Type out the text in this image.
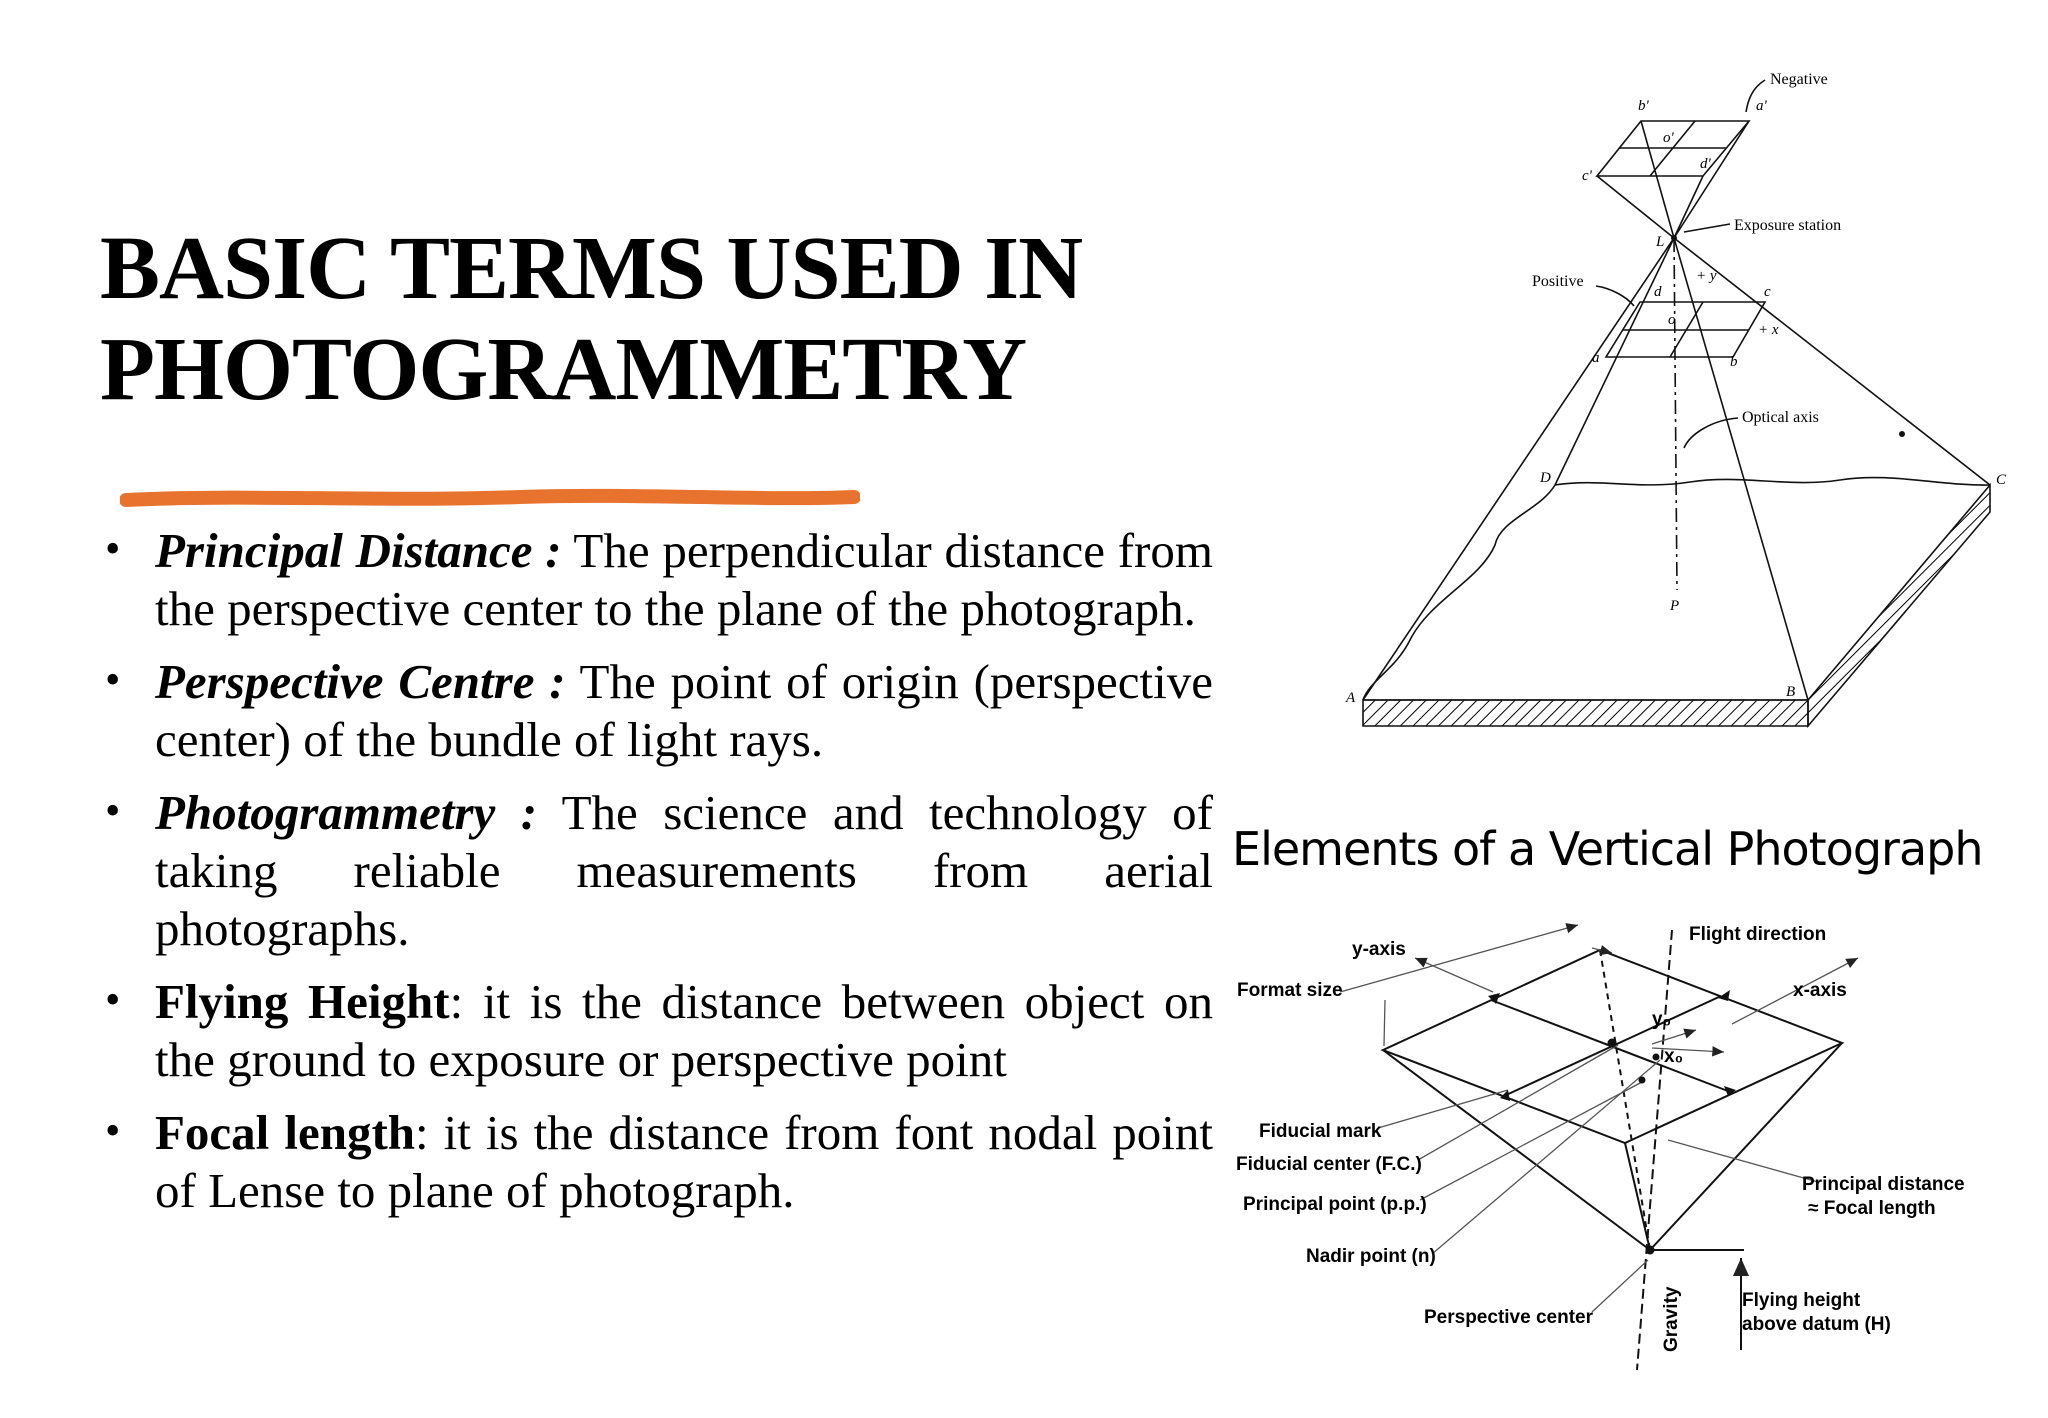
BASIC TERMS USED IN
PHOTOGRAMMETRY
• Principal Distance : The perpendicular distance from the perspective center to the plane of the photograph.
• Perspective Centre : The point of origin (perspective center) of the bundle of light rays.
• Photogrammetry : The science and technology of taking reliable measurements from aerial photographs.
• Flying Height: it is the distance between object on the ground to exposure or perspective point
• Focal length: it is the distance from font nodal point of Lense to plane of photograph.
Negative
Exposure station
Positive
Optical axis
b'	a'
o'
d'
c'
L
d
+ y
c
o
+ x
a	b
D	C
P
A	B
Elements of a Vertical Photograph
y-axis
Flight direction
Format size	x-axis
y₀
x₀
Fiducial mark
Fiducial center (F.C.)
Principal point (p.p.)
Nadir point (n)
Perspective center	Gravity
Principal distance
≈ Focal length
Flying height
above datum (H)
